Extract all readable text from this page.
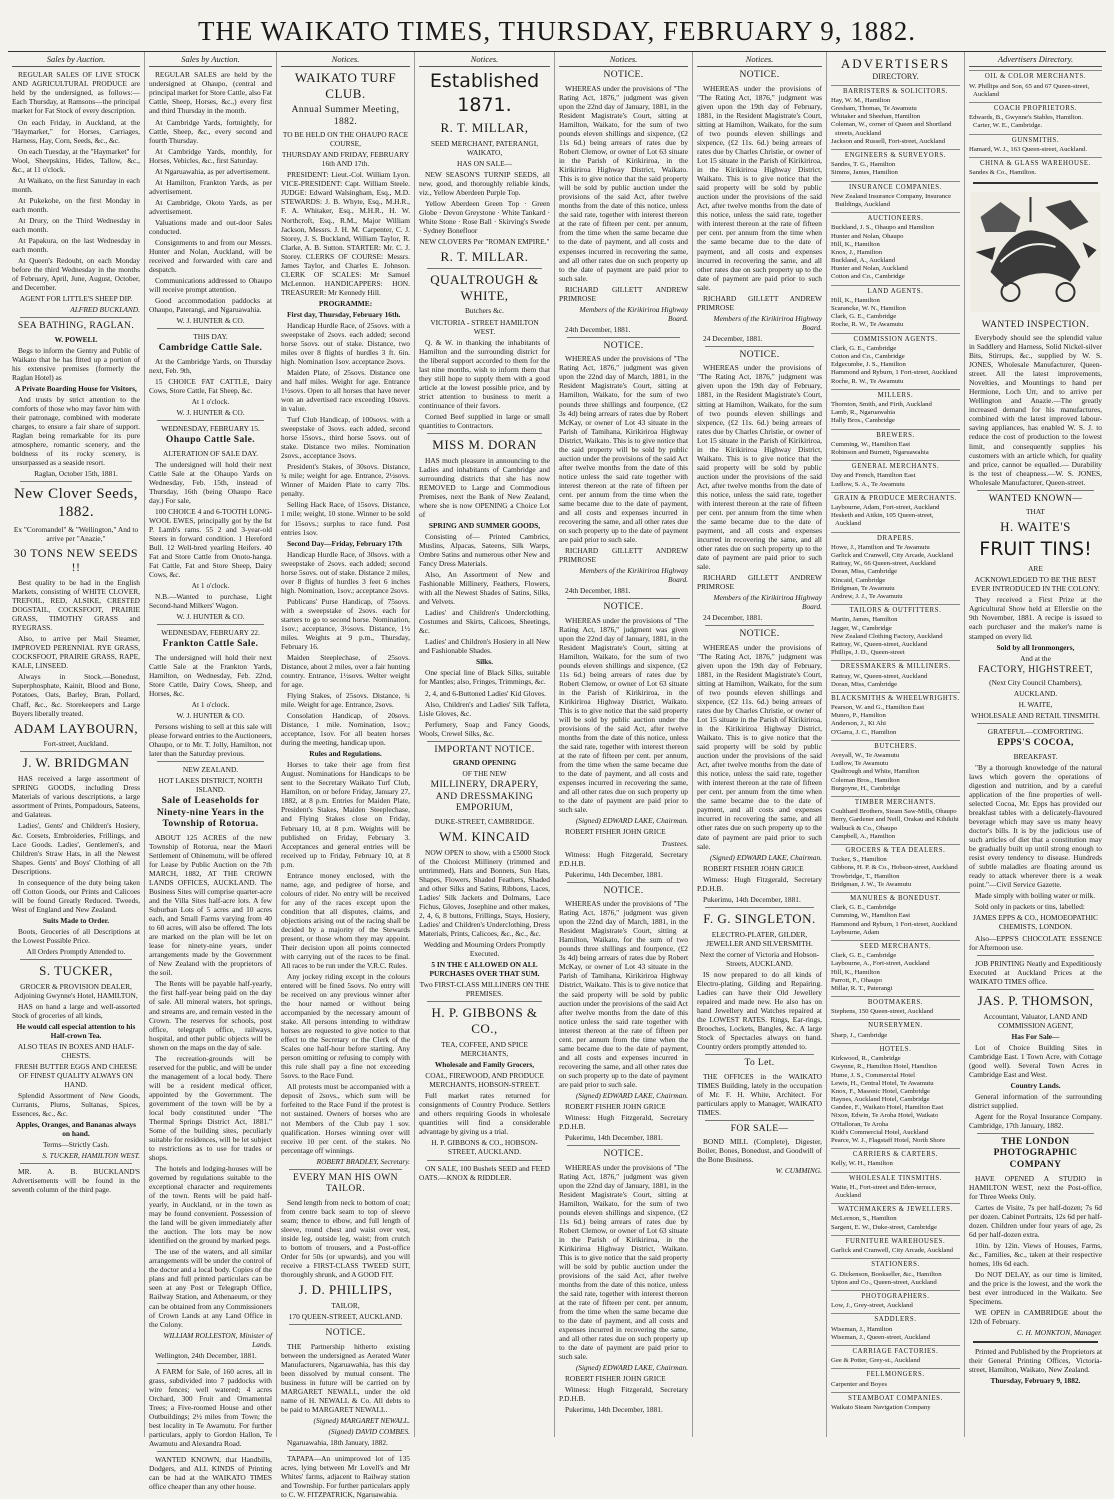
THE WAIKATO TIMES, THURSDAY, FEBRUARY 9, 1882.
Sales by Auction.

REGULAR SALES OF LIVE STOCK AND AGRICULTURAL PRODUCE are held by the undersigned, as follows:— Each Thursday, at Ramsons—the principal market for Fat Stock of every description.

On each Friday, in Auckland, at the "Haymarket," for Horses, Carriages, Harness, Hay, Corn, Seeds, &c., &c.

On each Tuesday, at the "Haymarket" for Wool, Sheepskins, Hides, Tallow, &c., &c., at 11 o'clock.

At Waikato, on the first Saturday in each month.

At Pukekohe, on the first Monday in each month.

At Drury, on the Third Wednesday in each month.

At Papakura, on the last Wednesday in each month.

At Queen's Redoubt, on each Monday before the third Wednesday in the months of February, April, June, August, October, and December.

AGENT FOR LITTLE'S SHEEP DIP.

ALFRED BUCKLAND.

SEA BATHING, RAGLAN.

W. POWELL

Begs to inform the Gentry and Public of Waikato that he has fitted up a portion of his extensive premises (formerly the Raglan Hotel) as

A Private Boarding House for Visitors,

And trusts by strict attention to the comforts of those who may favor him with their patronage, combined with moderate charges, to ensure a fair share of support. Raglan being remarkable for its pure atmosphere, romantic scenery, and the boldness of its rocky scenery, is unsurpassed as a seaside resort.

Raglan, October 15th, 1881.

New Clover Seeds, 1882.

Ex "Coromandel" & "Wellington," And to arrive per "Anazie,"

30 TONS NEW SEEDS !!

Best quality to be had in the English Markets, consisting of WHITE CLOVER, TREFOIL, RED, ALSIKE, CRESTED DOGSTAIL, COCKSFOOT, PRAIRIE GRASS, TIMOTHY GRASS and RYEGRASS.

Also, to arrive per Mail Steamer, IMPROVED PERENNIAL RYE GRASS, COCKSFOOT, PRAIRIE GRASS, RAPE, KALE, LINSEED.

Always in Stock.—Bonedust, Superphosphate, Kainit, Blood and Bone, Potatoes, Oats, Barley, Bran, Pollard, Chaff, &c., &c. Storekeepers and Large Buyers liberally treated.

ADAM LAYBOURN,

Fort-street, Auckland.

J. W. BRIDGMAN

HAS received a large assortment of SPRING GOODS, including Dress Materials of various descriptions, a large assortment of Prints, Pompadours, Sateens, and Galateas.

Ladies', Gents' and Children's Hosiery, &c. Corsets, Embroideries, Frillings, and Lace Goods. Ladies', Gentlemen's, and Children's Straw Hats, in all the Newest Shapes. Gents' and Boys' Clothing of all Descriptions.

In consequence of the duty being taken off Cotton Goods, our Prints and Calicoes will be found Greatly Reduced. Tweeds, West of England and New Zealand.

Suits Made to Order.

Boots, Groceries of all Descriptions at the Lowest Possible Price.

All Orders Promptly Attended to.

S. TUCKER,

GROCER & PROVISION DEALER, Adjoining Gwynne's Hotel, HAMILTON,

HAS on hand a large and well-assorted Stock of groceries of all kinds,

He would call especial attention to his Half-crown Tea.

ALSO TEAS IN BOXES AND HALF-CHESTS.

FRESH BUTTER EGGS AND CHEESE OF FINEST QUALITY ALWAYS ON HAND.

Splendid Assortment of New Goods, Currants, Plums, Sultanas, Spices, Essences, &c., &c.

Apples, Oranges, and Bananas always on hand.

Terms—Strictly Cash.

S. TUCKER, HAMILTON WEST.

MR. A. B. BUCKLAND'S Advertisements will be found in the seventh column of the third page.

Sales by Auction.

REGULAR SALES are held by the undersigned at Ohaupo, (central and principal market for Store Cattle, also Fat Cattle, Sheep, Horses, &c.,) every first and third Thursday in the month.

At Cambridge Yards, fortnightly, for Cattle, Sheep, &c., every second and fourth Thursday.

At Cambridge Yards, monthly, for Horses, Vehicles, &c., first Saturday.

At Ngaruawahia, as per advertisement.

At Hamilton, Frankton Yards, as per advertisement.

At Cambridge, Okoto Yards, as per advertisement.

Valuations made and out-door Sales conducted.

Consignments to and from our Messrs. Hunter and Nolan, Auckland, will be received and forwarded with care and despatch.

Communications addressed to Ohaupo will receive prompt attention.

Good accommodation paddocks at Ohaupo, Paterangi, and Ngaruawahia.

W. J. HUNTER & CO.

THIS DAY.

Cambridge Cattle Sale.

At the Cambridge Yards, on Thursday next, Feb. 9th,

15 CHOICE FAT CATTLE, Dairy Cows, Store Cattle, Fat Sheep, &c.

At 1 o'clock.

W. J. HUNTER & CO.

WEDNESDAY, FEBRUARY 15.

Ohaupo Cattle Sale.

ALTERATION OF SALE DAY.

The undersigned will hold their next Cattle Sale at the Ohaupo Yards on Wednesday, Feb. 15th, instead of Thursday, 16th (being Ohaupo Race day.) For sale,

100 CHOICE 4 and 6-TOOTH LONG-WOOL EWES, principally got by the Ist P. Lamb's rams. 55 2 and 3-year-old Steers in forward condition. 1 Hereford Bull. 12 Well-bred yearling Heifers. 40 Fat and Store Cattle from Onoto-hanga. Fat Cattle, Fat and Store Sheep, Dairy Cows, &c.

At 1 o'clock.

N.B.—Wanted to purchase, Light Second-hand Milkers' Wagon.

W. J. HUNTER & CO.

WEDNESDAY, FEBRUARY 22.

Frankton Cattle Sale.

The undersigned will hold their next Cattle Sale at the Frankton Yards, Hamilton, on Wednesday, Feb. 22nd, Store Cattle, Dairy Cows, Sheep, and Horses, &c.

At 1 o'clock.

W. J. HUNTER & CO.

Persons wishing to sell at this sale will please forward entries to the Auctioneers, Ohaupo, or to Mr. T. Jolly, Hamilton, not later than the Saturday previous.

NEW ZEALAND.

HOT LAKES DISTRICT, NORTH ISLAND.

Sale of Leaseholds for Ninety-nine Years in the Township of Rotorua.

ABOUT 125 ACRES of the new Township of Rotorua, near the Maori Settlement of Ohinemutu, will be offered for Lease by Public Auction on the 7th MARCH, 1882, AT THE CROWN LANDS OFFICES, AUCKLAND. The Business Sites will comprise quarter-acre and the Villa Sites half-acre lots. A few Suburban Lots of 5 acres and 10 acres each, and Small Farms varying from 40 to 60 acres, will also be offered. The lots are marked on the plan will be let on lease for ninety-nine years, under arrangements made by the Government of New Zealand with the proprietors of the soil.

The Rents will be payable half-yearly, the first half-year being paid on the day of sale. All mineral waters, hot springs, and streams are, and remain vested in the Crown. The reserves for schools, post office, telegraph office, railways, hospital, and other public objects will be shown on the maps on the day of sale.

The recreation-grounds will be reserved for the public, and will be under the management of a local body. There will be a resident medical officer, appointed by the Government. The government of the town will be by a local body constituted under "The Thermal Springs District Act, 1881." Some of the building sites, peculiarly suitable for residences, will be let subject to restrictions as to use for trades or shops.

The hotels and lodging-houses will be governed by regulations suitable to the exceptional character and requirements of the town. Rents will be paid half-yearly, in Auckland, or in the town as may be found convenient. Possession of the land will be given immediately after the auction. The lots may be now identified on the ground by marked pegs.

The use of the waters, and all similar arrangements will be under the control of the doctor and a local body. Copies of the plans and full printed particulars can be seen at any Post or Telegraph Office, Railway Station, and Athenaeum, or they can be obtained from any Commissioners of Crown Lands at any Land Office in the Colony.

WILLIAM ROLLESTON, Minister of Lands.

Wellington, 24th December, 1881.

A FARM for Sale, of 160 acres, all in grass, subdivided into 7 paddocks with wire fences; well watered; 4 acres Orchard, 300 Fruit and Ornamental Trees; a Five-roomed House and other Outbuildings; 2½ miles from Town; the best locality in Te Awamutu. For further particulars, apply to Gordon Hallon, Te Awamutu and Alexandra Road.

WANTED KNOWN, that Handbills, Dodgers, and ALL KINDS of Printing can be had at the WAIKATO TIMES office cheaper than any other house.

Notices.

WAIKATO TURF CLUB.

Annual Summer Meeting, 1882.

TO BE HELD ON THE OHAUPO RACE COURSE,

THURSDAY AND FRIDAY, FEBRUARY 16th AND 17th.

PRESIDENT: Lieut.-Col. William Lyon. VICE-PRESIDENT: Capt. William Steele. JUDGE: Edward Walsingham, Esq., M.D. STEWARDS: J. B. Whyte, Esq., M.H.R., F. A. Whitaker, Esq., M.H.R., H. W. Northcroft, Esq., R.M., Major William Jackson, Messrs. J. H. M. Carpenter, C. J. Storey, J. S. Buckland, William Taylor, R. Clarke, A. B. Sutton. STARTER: Mr. C. J. Storey. CLERKS OF COURSE: Messrs. James Taylor, and Charles E. Johnson. CLERK OF SCALES: Mr Samuel McLennon. HANDICAPPERS: HON. TREASURER: Mr Kennedy Hill.

PROGRAMME:

First day, Thursday, February 16th.

Handicap Hurdle Race, of 25sovs. with a sweepstake of 2sovs. each added; second horse 5sovs. out of stake. Distance, two miles over 8 flights of hurdles 3 ft. 6in. high. Nomination 1sov. acceptance 2sovs.

Maiden Plate, of 25sovs. Distance one and half miles. Weight for age. Entrance 1½sovs. Open to all horses that have never won an advertised race exceeding 10sovs. in value.

Turf Club Handicap, of 100sovs. with a sweepstake of 3sovs. each added, second horse 15sovs., third horse 5sovs. out of stake. Distance two miles. Nomination 2sovs., acceptance 3sovs.

President's Stakes, of 30sovs. Distance, ¾ mile; weight for age. Entrance, 2½sovs. Winner of Maiden Plate to carry 7lbs. penalty.

Selling Hack Race, of 15sovs. Distance, 1 mile; weight, 10 stone. Winner to be sold for 15sovs.; surplus to race fund. Post entries 1sov.

Second Day—Friday, February 17th

Handicap Hurdle Race, of 30sovs. with a sweepstake of 2sovs. each added; second horse 5sovs. out of stake. Distance 2 miles, over 8 flights of hurdles 3 feet 6 inches high. Nomination, 1sov.; acceptance 2sovs.

Publicans' Purse Handicap, of 75sovs. with a sweepstake of 2sovs. each for starters to go to second horse. Nomination, 1sov.; acceptance, 3½sovs. Distance, 1½ miles. Weights at 9 p.m., Thursday, February 16.

Maiden Steeplechase, of 25sovs. Distance, about 2 miles, over a fair hunting country. Entrance, 1½sovs. Welter weight for age.

Flying Stakes, of 25sovs. Distance, ¾ mile. Weight for age. Entrance, 2sovs.

Consolation Handicap, of 20sovs. Distance, 1 mile. Nomination, 1sov.; acceptance, 1sov. For all beaten horses during the meeting, handicap upon.

Rules and Regulations.

Horses to take their age from first August. Nominations for Handicaps to be sent to the Secretary Waikato Turf Club, Hamilton, on or before Friday, January 27, 1882, at 8 p.m. Entries for Maiden Plate, President's Stakes, Maiden Steeplechase, and Flying Stakes close on Friday, February 10, at 8 p.m. Weights will be published on Friday, February 3. Acceptances and general entries will be received up to Friday, February 10, at 8 p.m.

Entrance money enclosed, with the name, age, and pedigree of horse, and colours of rider. No entry will be received for any of the races except upon the condition that all disputes, claims, and objections arising out of the racing shall be decided by a majority of the Stewards present, or those whom they may appoint. Their decision upon all points connected with carrying out of the races to be final. All races to be run under the V.R.C. Rules.

Any jockey riding except in the colours entered will be fined 5sovs. No entry will be received on any previous winner after the hour named or without being accompanied by the necessary amount of stake. All persons intending to withdraw horses are requested to give notice to that effect to the Secretary or the Clerk of the Scales one half-hour before starting. Any person omitting or refusing to comply with this rule shall pay a fine not exceeding 5sovs. to the Race Fund.

All protests must be accompanied with a deposit of 2sovs., which sum will be forfeited to the Race Fund if the protest is not sustained. Owners of horses who are not Members of the Club pay 1 sov. qualification. Horses winning over will receive 10 per cent. of the stakes. No percentage off winnings.

ROBERT BRADLEY, Secretary.

EVERY MAN HIS OWN TAILOR.

Send length from neck to bottom of coat; from centre back seam to top of sleeve seam; thence to elbow, and full length of sleeve, round chest and waist over vest, inside leg, outside leg, waist; from crutch to bottom of trousers, and a Post-office Order for 50s (or upwards), and you will receive a FIRST-CLASS TWEED SUIT, thoroughly shrunk, and A GOOD FIT.

J. D. PHILLIPS,

TAILOR,

170 QUEEN-STREET, AUCKLAND.

NOTICE.

THE Partnership hitherto existing between the undersigned as Aerated Water Manufacturers, Ngaruawahia, has this day been dissolved by mutual consent. The business in future will be carried on by MARGARET NEWALL, under the old name of H. NEWALL & Co. All debts to be paid to MARGARET NEWALL.

(Signed) MARGARET NEWALL.

(Signed) DAVID COMBES.

Ngaruawahia, 18th January, 1882.

TAPAPA—An unimproved lot of 135 acres, lying between Mr Lovell's and Mr Whites' farms, adjacent to Railway station and Township. For further particulars apply to C. W. FITZPATRICK, Ngaruawahia.

Notices.

Established 1871.

R. T. MILLAR,

SEED MERCHANT, PATERANGI, WAIKATO,

HAS ON SALE—

NEW SEASON'S TURNIP SEEDS, all new, good, and thoroughly reliable kinds, viz., Yellow Aberdeen Purple Top.

Yellow Aberdeen Green Top · Green Globe · Devon Greystone · White Tankard · White Stone · Rose Ball · Skirving's Swede · Sydney Bonefloor

NEW CLOVERS Per "ROMAN EMPIRE."

R. T. MILLAR.

QUALTROUGH & WHITE,

Butchers &c.

VICTORIA - STREET HAMILTON WEST.

Q. & W. in thanking the inhabitants of Hamilton and the surrounding district for the liberal support accorded to them for the last nine months, wish to inform them that they still hope to supply them with a good article at the lowest possible price, and by strict attention to business to merit a continuance of their favors.

Corned Beef supplied in large or small quantities to Contractors.

MISS M. DORAN

HAS much pleasure in announcing to the Ladies and inhabitants of Cambridge and surrounding districts that she has now REMOVED to Large and Commodious Premises, next the Bank of New Zealand, where she is now OPENING a Choice Lot of

SPRING AND SUMMER GOODS,

Consisting of— Printed Cambrics, Muslins, Alpacas, Sateens, Silk Warps, Ombre Satins and numerous other New and Fancy Dress Materials.

Also, An Assortment of New and Fashionable Millinery, Feathers, Flowers, with all the Newest Shades of Satins, Silks, and Velvets.

Ladies' and Children's Underclothing, Costumes and Skirts, Calicoes, Sheetings, &c.

Ladies' and Children's Hosiery in all New and Fashionable Shades.

Silks.

One special line of Black Silks, suitable for Mantles; also, Fringes, Trimmings, &c.

2, 4, and 6-Buttoned Ladies' Kid Gloves.

Also, Children's and Ladies' Silk Taffeta, Lisle Gloves, &c.

Perfumery, Soap and Fancy Goods, Wools, Crewel Silks, &c.

IMPORTANT NOTICE.

GRAND OPENING

OF THE NEW

MILLINERY, DRAPERY, AND DRESSMAKING EMPORIUM,

DUKE-STREET, CAMBRIDGE.

WM. KINCAID

NOW OPEN to show, with a £5000 Stock of the Choicest Millinery (trimmed and untrimmed), Hats and Bonnets, Sun Hats, Shapes, Flowers, Shaded Feathers, Shaded and other Silks and Satins, Ribbons, Laces, Ladies' Silk Jackets and Dolmans, Lace Fichus, Gloves, Josephine and other makes, 2, 4, 6, 8 buttons, Frillings, Stays, Hosiery, Ladies' and Children's Underclothing, Dress Materials, Prints, Calicoes, &c., &c., &c.

Wedding and Mourning Orders Promptly Executed.

5 IN THE £ ALLOWED ON ALL PURCHASES OVER THAT SUM.

Two FIRST-CLASS MILLINERS ON THE PREMISES.

H. P. GIBBONS & CO.,

TEA, COFFEE, AND SPICE MERCHANTS,

Wholesale and Family Grocers,

COAL, FIREWOOD, AND PRODUCE MERCHANTS, HOBSON-STREET.

Full market rates returned for consignments of Country Produce. Settlers and others requiring Goods in wholesale quantities will find a considerable advantage by giving us a trial.

H. P. GIBBONS & CO., HOBSON-STREET, AUCKLAND.

ON SALE, 100 Bushels SEED and FEED OATS.—KNOX & RIDDLER.

Notices.

NOTICE.

WHEREAS under the provisions of "The Rating Act, 1876," judgment was given upon the 22nd day of January, 1881, in the Resident Magistrate's Court, sitting at Hamilton, Waikato, for the sum of two pounds eleven shillings and sixpence, (£2 11s 6d.) being arrears of rates due by Robert Clemow, or owner of Lot 63 situate in the Parish of Kirikiriroa, in the Kirikiriroa Highway District, Waikato. This is to give notice that the said property will be sold by public auction under the provisions of the said Act, after twelve months from the date of this notice, unless the said rate, together with interest thereon at the rate of fifteen per cent. per annum, from the time when the same became due to the date of payment, and all costs and expenses incurred in recovering the same, and all other rates due on such property up to the date of payment are paid prior to such sale.

RICHARD GILLETT ANDREW PRIMROSE

Members of the Kirikiriroa Highway Board.

24th December, 1881.

NOTICE.

WHEREAS under the provisions of "The Rating Act, 1876," judgment was given upon the 22nd day of March, 1881, in the Resident Magistrate's Court, sitting at Hamilton, Waikato, for the sum of two pounds three shillings and fourpence, (£2 3s 4d) being arrears of rates due by Robert McKay, or owner of Lot 43 situate in the Parish of Tamihana, Kirikiriroa Highway District, Waikato. This is to give notice that the said property will be sold by public auction under the provisions of the said Act after twelve months from the date of this notice unless the said rate together with interest thereon at the rate of fifteen per cent. per annum from the time when the same became due to the date of payment, and all costs and expenses incurred in recovering the same, and all other rates due on such property up to the date of payment are paid prior to such sale.

RICHARD GILLETT ANDREW PRIMROSE

Members of the Kirikiriroa Highway Board.

24th December, 1881.

NOTICE.

WHEREAS under the provisions of "The Rating Act, 1876," judgment was given upon the 22nd day of January, 1881, in the Resident Magistrate's Court, sitting at Hamilton, Waikato, for the sum of two pounds eleven shillings and sixpence, (£2 11s 6d.) being arrears of rates due by Robert Clemow, or owner of Lot 63 situate in the Parish of Kirikiriroa, in the Kirikiriroa Highway District, Waikato. This is to give notice that the said property will be sold by public auction under the provisions of the said Act, after twelve months from the date of this notice, unless the said rate, together with interest thereon at the rate of fifteen per cent. per annum, from the time when the same became due to the date of payment, and all costs and expenses incurred in recovering the same, and all other rates due on such property up to the date of payment are paid prior to such sale.

(Signed) EDWARD LAKE, Chairman.

ROBERT FISHER JOHN GRICE

Trustees.

Witness: Hugh Fitzgerald, Secretary P.D.H.B.

Pukerimu, 14th December, 1881.

NOTICE.

WHEREAS under the provisions of "The Rating Act, 1876," judgment was given upon the 22nd day of March, 1881, in the Resident Magistrate's Court, sitting at Hamilton, Waikato, for the sum of two pounds three shillings and fourpence, (£2 3s 4d) being arrears of rates due by Robert McKay, or owner of Lot 43 situate in the Parish of Tamihana, Kirikiriroa Highway District, Waikato. This is to give notice that the said property will be sold by public auction under the provisions of the said Act after twelve months from the date of this notice unless the said rate together with interest thereon at the rate of fifteen per cent. per annum from the time when the same became due to the date of payment, and all costs and expenses incurred in recovering the same, and all other rates due on such property up to the date of payment are paid prior to such sale.

(Signed) EDWARD LAKE, Chairman.

ROBERT FISHER JOHN GRICE

Witness: Hugh Fitzgerald, Secretary P.D.H.B.

Pukerimu, 14th December, 1881.

NOTICE.

WHEREAS under the provisions of "The Rating Act, 1876," judgment was given upon the 22nd day of January, 1881, in the Resident Magistrate's Court, sitting at Hamilton, Waikato, for the sum of two pounds eleven shillings and sixpence, (£2 11s 6d.) being arrears of rates due by Robert Clemow, or owner of Lot 63 situate in the Parish of Kirikiriroa, in the Kirikiriroa Highway District, Waikato. This is to give notice that the said property will be sold by public auction under the provisions of the said Act, after twelve months from the date of this notice, unless the said rate, together with interest thereon at the rate of fifteen per cent. per annum, from the time when the same became due to the date of payment, and all costs and expenses incurred in recovering the same, and all other rates due on such property up to the date of payment are paid prior to such sale.

(Signed) EDWARD LAKE, Chairman.

ROBERT FISHER JOHN GRICE

Witness: Hugh Fitzgerald, Secretary P.D.H.B.

Pukerimu, 14th December, 1881.

Notices.

NOTICE.

WHEREAS under the provisions of "The Rating Act, 1876," judgment was given upon the 19th day of February, 1881, in the Resident Magistrate's Court, sitting at Hamilton, Waikato, for the sum of two pounds eleven shillings and sixpence, (£2 11s. 6d.) being arrears of rates due by Charles Christie, or owner of Lot 15 situate in the Parish of Kirikiriroa, in the Kirikiriroa Highway District, Waikato. This is to give notice that the said property will be sold by public auction under the provisions of the said Act, after twelve months from the date of this notice, unless the said rate, together with interest thereon at the rate of fifteen per cent. per annum from the time when the same became due to the date of payment, and all costs and expenses incurred in recovering the same, and all other rates due on such property up to the date of payment are paid prior to such sale.

RICHARD GILLETT ANDREW PRIMROSE

Members of the Kirikiriroa Highway Board.

24 December, 1881.

NOTICE.

WHEREAS under the provisions of "The Rating Act, 1876," judgment was given upon the 19th day of February, 1881, in the Resident Magistrate's Court, sitting at Hamilton, Waikato, for the sum of two pounds eleven shillings and sixpence, (£2 11s. 6d.) being arrears of rates due by Charles Christie, or owner of Lot 15 situate in the Parish of Kirikiriroa, in the Kirikiriroa Highway District, Waikato. This is to give notice that the said property will be sold by public auction under the provisions of the said Act, after twelve months from the date of this notice, unless the said rate, together with interest thereon at the rate of fifteen per cent. per annum from the time when the same became due to the date of payment, and all costs and expenses incurred in recovering the same, and all other rates due on such property up to the date of payment are paid prior to such sale.

RICHARD GILLETT ANDREW PRIMROSE

Members of the Kirikiriroa Highway Board.

24 December, 1881.

NOTICE.

WHEREAS under the provisions of "The Rating Act, 1876," judgment was given upon the 19th day of February, 1881, in the Resident Magistrate's Court, sitting at Hamilton, Waikato, for the sum of two pounds eleven shillings and sixpence, (£2 11s. 6d.) being arrears of rates due by Charles Christie, or owner of Lot 15 situate in the Parish of Kirikiriroa, in the Kirikiriroa Highway District, Waikato. This is to give notice that the said property will be sold by public auction under the provisions of the said Act, after twelve months from the date of this notice, unless the said rate, together with interest thereon at the rate of fifteen per cent. per annum from the time when the same became due to the date of payment, and all costs and expenses incurred in recovering the same, and all other rates due on such property up to the date of payment are paid prior to such sale.

(Signed) EDWARD LAKE, Chairman.

ROBERT FISHER JOHN GRICE

Witness: Hugh Fitzgerald, Secretary P.D.H.B.

Pukerimu, 14th December, 1881.

F. G. SINGLETON.

ELECTRO-PLATER, GILDER, JEWELLER AND SILVERSMITH.

Next the corner of Victoria and Hobson-Streets, AUCKLAND.

IS now prepared to do all kinds of Electro-plating, Gilding and Repairing. Ladies can have their Old Jewellery repaired and made new. He also has on hand Jewellery and Watches repaired at the LOWEST RATES. Rings, Ear-rings, Brooches, Lockets, Bangles, &c. A large Stock of Spectacles always on hand. Country orders promptly attended to.

To Let.

THE OFFICES in the WAIKATO TIMES Building, lately in the occupation of Mr. F. H. White, Architect. For particulars apply to Manager, WAIKATO TIMES.

FOR SALE—

BOND MILL (Complete), Digester, Boiler, Bones, Bonedust, and Goodwill of the Bone Business.

W. CUMMING.

ADVERTISERS
DIRECTORY.
BARRISTERS & SOLICITORS.

Hay, W. M., Hamilton

Gresham, Thomas, Te Awamutu

Whitaker and Sheehan, Hamilton

Coleman, W., corner of Queen and Shortland streets, Auckland

Jackson and Russell, Fort-street, Auckland

ENGINEERS & SURVEYORS.

Sandes, T. G., Hamilton

Simms, James, Hamilton

INSURANCE COMPANIES.

New Zealand Insurance Company, Insurance Buildings, Auckland

AUCTIONEERS.

Buckland, J. S., Ohaupo and Hamilton

Hunter and Nolan, Ohaupo

Hill, K., Hamilton

Knox, J., Hamilton

Buckland, A., Auckland

Hunter and Nolan, Auckland

Cotton and Co., Cambridge

LAND AGENTS.

Hill, K., Hamilton

Scarancke, W. N., Hamilton

Clark, G. E., Cambridge

Roche, R. W., Te Awamutu

COMMISSION AGENTS.

Clark, G. E., Cambridge

Cotton and Co., Cambridge

Edgecumbe, J. S., Hamilton

Hammond and Ryburn, 1 Fort-street, Auckland

Roche, R. W., Te Awamutu

MILLERS.

Thornton, Smith, and Firth, Auckland

Lamb, R., Ngaruawahia

Hally Bros., Cambridge

BREWERS.

Cumming, W., Hamilton East

Robinson and Burnett, Ngaruawahia

GENERAL MERCHANTS.

Day and French, Hamilton East

Ludlow, S. A., Te Awamutu

GRAIN & PRODUCE MERCHANTS.

Laybourne, Adam, Fort-street, Auckland

Hesketh and Aitkin, 105 Queen-street, Auckland

DRAPERS.

Howe, J., Hamilton and Te Awamutu

Garlick and Cranwell, City Arcade, Auckland

Rattray, W., 66 Queen-street, Auckland

Doran, Miss, Cambridge

Kincaid, Cambridge

Bridgman, Te Awamutu

Andrew, J. J., Te Awamutu

TAILORS & OUTFITTERS.

Martin, James, Hamilton

Jagger, W., Cambridge

New Zealand Clothing Factory, Auckland

Rattray, W., Queen-street, Auckland

Phillips, J. D., Queen-street

DRESSMAKERS & MILLINERS.

Rattray, W., Queen-street, Auckland

Doran, Miss, Cambridge

BLACKSMITHS & WHEELWRIGHTS.

Pearson, W. and G., Hamilton East

Munro, P., Hamilton

Anderson, J., Ki Ahi

O'Garra, J. C., Hamilton

BUTCHERS.

Aveyall, W., Te Awamutu

Ludlow, Te Awamutu

Qualtrough and White, Hamilton

Coleman Bros., Hamilton

Burgoyne, H., Cambridge

TIMBER MERCHANTS.

Coulthard Brothers, Steam Saw-Mills, Ohaupo

Berry, Gardener and Neill, Orakau and Kihikihi

Walbuck & Co., Ohaupo

Campbell, A., Hamilton

GROCERS & TEA DEALERS.

Tucker, S., Hamilton

Gibbons, H. P. & Co., Hobson-street, Auckland

Trowbridge, T., Hamilton

Bridgman, J. W., Te Awamutu

MANURES & BONEDUST.

Clark, G. E., Cambridge

Cumming, W., Hamilton East

Hammond and Ryburn, 1 Fort-street, Auckland

Laybourne, Adam

SEED MERCHANTS.

Clark, G. E., Cambridge

Laybourne, A., Fort-street, Auckland

Hill, K., Hamilton

Parrott, F., Ohaupo

Millar, R. T., Paterangi

BOOTMAKERS.

Stephens, 150 Queen-street, Auckland

NURSERYMEN.

Sharp, J., Cambridge

HOTELS.

Kirkwood, R., Cambridge

Gwynne, R., Hamilton Hotel, Hamilton

Hume, J. S., Commercial Hotel

Lewis, H., Central Hotel, Te Awamutu

Knox, F., Masonic Hotel, Cambridge

Haynes, Auckland Hotel, Cambridge

Gandee, F., Waikato Hotel, Hamilton East

Nixon, Edwin, Te Aroha Hotel, Waikato

O'Halloran, Te Aroha

Kidd's Commercial Hotel, Auckland

Pearce, W. J., Flagstaff Hotel, North Shore

CARRIERS & CARTERS.

Kelly, W. H., Hamilton

WHOLESALE TINSMITHS.

Waite, H., Fort-street and Eden-terrace, Auckland

WATCHMAKERS & JEWELLERS.

McLernon, S., Hamilton

Sargent, E. W., Duke-street, Cambridge

FURNITURE WAREHOUSES.

Garlick and Cranwell, City Arcade, Auckland

STATIONERS.

G. Dickenson, Bookseller, &c., Hamilton

Upton and Co., Queen-street, Auckland

PHOTOGRAPHERS.

Low, J., Grey-street, Auckland

SADDLERS.

Wiseman, J., Hamilton

Wiseman, J., Queen-street, Auckland

CARRIAGE FACTORIES.

Gee & Potter, Grey-st., Auckland

FELLMONGERS.

Carpenter and Boyes

STEAMBOAT COMPANIES.

Waikato Steam Navigation Company

Advertisers Directory.
OIL & COLOR MERCHANTS.

W. Phillips and Son, 65 and 67 Queen-street, Auckland

COACH PROPRIETORS.

Edwards, B., Gwynne's Stables, Hamilton. Carter, W. E., Cambridge.

GUNSMITHS.

Hamard, W. J., 163 Queen-street, Auckland.

CHINA & GLASS WAREHOUSE.

Sandes & Co., Hamilton.

WANTED INSPECTION.

Everybody should see the splendid value in Saddlery and Harness, Solid Nickel-silver Bits, Stirrups, &c., supplied by W. S. JONES, Wholesale Manufacturer, Queen-street. All the latest improvements, Novelties, and Mountings to hand per Hermione, Loch Urr, and to arrive per Wellington and Anazie.—The greatly increased demand for his manufactures, combined with the latest improved labour-saving appliances, has enabled W. S. J. to reduce the cost of production to the lowest limit, and consequently supplies his customers with an article which, for quality and price, cannot be equalled.— Durability is the test of cheapness.—W. S. JONES, Wholesale Manufacturer, Queen-street.

WANTED KNOWN—

THAT

H. WAITE'S

FRUIT TINS!

ARE

ACKNOWLEDGED TO BE THE BEST EVER INTRODUCED IN THE COLONY.

They received a First Prize at the Agricultural Show held at Ellerslie on the 9th November, 1881. A recipe is issued to each purchaser and the maker's name is stamped on every lid.

Sold by all Ironmongers,

And at the

FACTORY, HIGHSTREET,

(Next City Council Chambers),

AUCKLAND.

H. WAITE,

WHOLESALE AND RETAIL TINSMITH.

GRATEFUL—COMFORTING.

EPPS'S COCOA,

BREAKFAST.

"By a thorough knowledge of the natural laws which govern the operations of digestion and nutrition, and by a careful application of the fine properties of well-selected Cocoa, Mr. Epps has provided our breakfast tables with a delicately-flavoured beverage which may save us many heavy doctor's bills. It is by the judicious use of such articles of diet that a constitution may be gradually built up until strong enough to resist every tendency to disease. Hundreds of subtle maladies are floating around us ready to attack wherever there is a weak point."—Civil Service Gazette.

Made simply with boiling water or milk.

Sold only in packets or tins, labelled:

JAMES EPPS & CO., HOMOEOPATHIC CHEMISTS, LONDON.

Also—EPPS'S CHOCOLATE ESSENCE for Afternoon use.

JOB PRINTING Neatly and Expeditiously Executed at Auckland Prices at the WAIKATO TIMES office.

JAS. P. THOMSON,

Accountant, Valuator, LAND AND COMMISSION AGENT,

Has For Sale—

Lot of Choice Building Sites in Cambridge East. 1 Town Acre, with Cottage (good well). Several Town Acres in Cambridge East and West.

Country Lands.

General information of the surrounding district supplied.

Agent for the Royal Insurance Company. Cambridge, 17th January, 1882.

THE LONDON PHOTOGRAPHIC COMPANY

HAVE OPENED A STUDIO in HAMILTON WEST, next the Post-office, for Three Weeks Only.

Cartes de Visite, 7s per half-dozen; 7s 6d per dozen. Cabinet Portraits, 12s 6d per half-dozen. Children under four years of age, 2s 6d per half-dozen extra.

10in. by 12in. Views of Houses, Farms, &c., Families, &c., taken at their respective homes, 10s 6d each.

Do NOT DELAY, as our time is limited, and the price is the lowest, and the work the best ever introduced in the Waikato. See Specimens.

WE OPEN in CAMBRIDGE about the 12th of February.

C. H. MONKTON, Manager.

Printed and Published by the Proprietors at their General Printing Offices, Victoria-street, Hamilton, Waikato, New Zealand.

Thursday, February 9, 1882.
